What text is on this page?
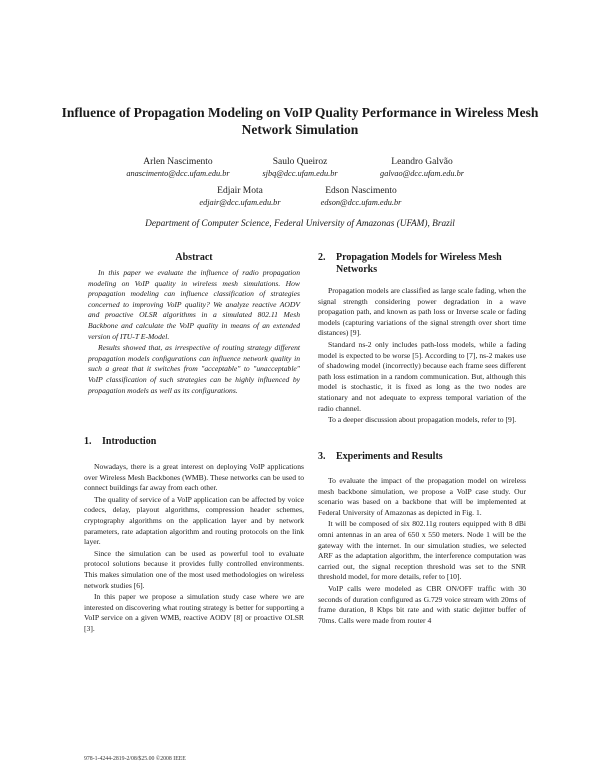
Influence of Propagation Modeling on VoIP Quality Performance in Wireless Mesh Network Simulation
Arlen Nascimento
anascimento@dcc.ufam.edu.br
Saulo Queiroz
sjbq@dcc.ufam.edu.br
Leandro Galvão
galvao@dcc.ufam.edu.br
Edjair Mota
edjair@dcc.ufam.edu.br
Edson Nascimento
edson@dcc.ufam.edu.br
Department of Computer Science, Federal University of Amazonas (UFAM), Brazil
Abstract

In this paper we evaluate the influence of radio propagation modeling on VoIP quality in wireless mesh simulations. How propagation modeling can influence classification of strategies concerned to improving VoIP quality? We analyze reactive AODV and proactive OLSR algorithms in a simulated 802.11 Mesh Backbone and calculate the VoIP quality in means of an extended version of ITU-T E-Model.

Results showed that, as irrespective of routing strategy different propagation models configurations can influence network quality in such a great that it switches from "acceptable" to "unacceptable" VoIP classification of such strategies can be highly influenced by propagation models as well as its configurations.

1.	Introduction

Nowadays, there is a great interest on deploying VoIP applications over Wireless Mesh Backbones (WMB). These networks can be used to connect buildings far away from each other.

The quality of service of a VoIP application can be affected by voice codecs, delay, playout algorithms, compression header schemes, cryptography algorithms on the application layer and by network parameters, rate adaptation algorithm and routing protocols on the link layer.

Since the simulation can be used as powerful tool to evaluate protocol solutions because it provides fully controlled environments. This makes simulation one of the most used methodologies on wireless network studies [6].

In this paper we propose a simulation study case where we are interested on discovering what routing strategy is better for supporting a VoIP service on a given WMB, reactive AODV [8] or proactive OLSR [3].

2.	Propagation Models for Wireless Mesh Networks

Propagation models are classified as large scale fading, when the signal strength considering power degradation in a wave propagation path, and known as path loss or Inverse scale or fading models (capturing variations of the signal strength over short time distances) [9].

Standard ns-2 only includes path-loss models, while a fading model is expected to be worse [5]. According to [7], ns-2 makes use of shadowing model (incorrectly) because each frame sees different path loss estimation in a random communication. But, although this model is stochastic, it is fixed as long as the two nodes are stationary and not adequate to express temporal variation of the radio channel.

To a deeper discussion about propagation models, refer to [9].

3.	Experiments and Results

To evaluate the impact of the propagation model on wireless mesh backbone simulation, we propose a VoIP case study. Our scenario was based on a backbone that will be implemented at Federal University of Amazonas as depicted in Fig. 1.

It will be composed of six 802.11g routers equipped with 8 dBi omni antennas in an area of 650 x 550 meters. Node 1 will be the gateway with the internet. In our simulation studies, we selected ARF as the adaptation algorithm, the interference computation was carried out, the signal reception threshold was set to the SNR threshold model, for more details, refer to [10].

VoIP calls were modeled as CBR ON/OFF traffic with 30 seconds of duration configured as G.729 voice stream with 20ms of frame duration, 8 Kbps bit rate and with static dejitter buffer of 70ms. Calls were made from router 4

978-1-4244-2819-2/08/$25.00 ©2008 IEEE
